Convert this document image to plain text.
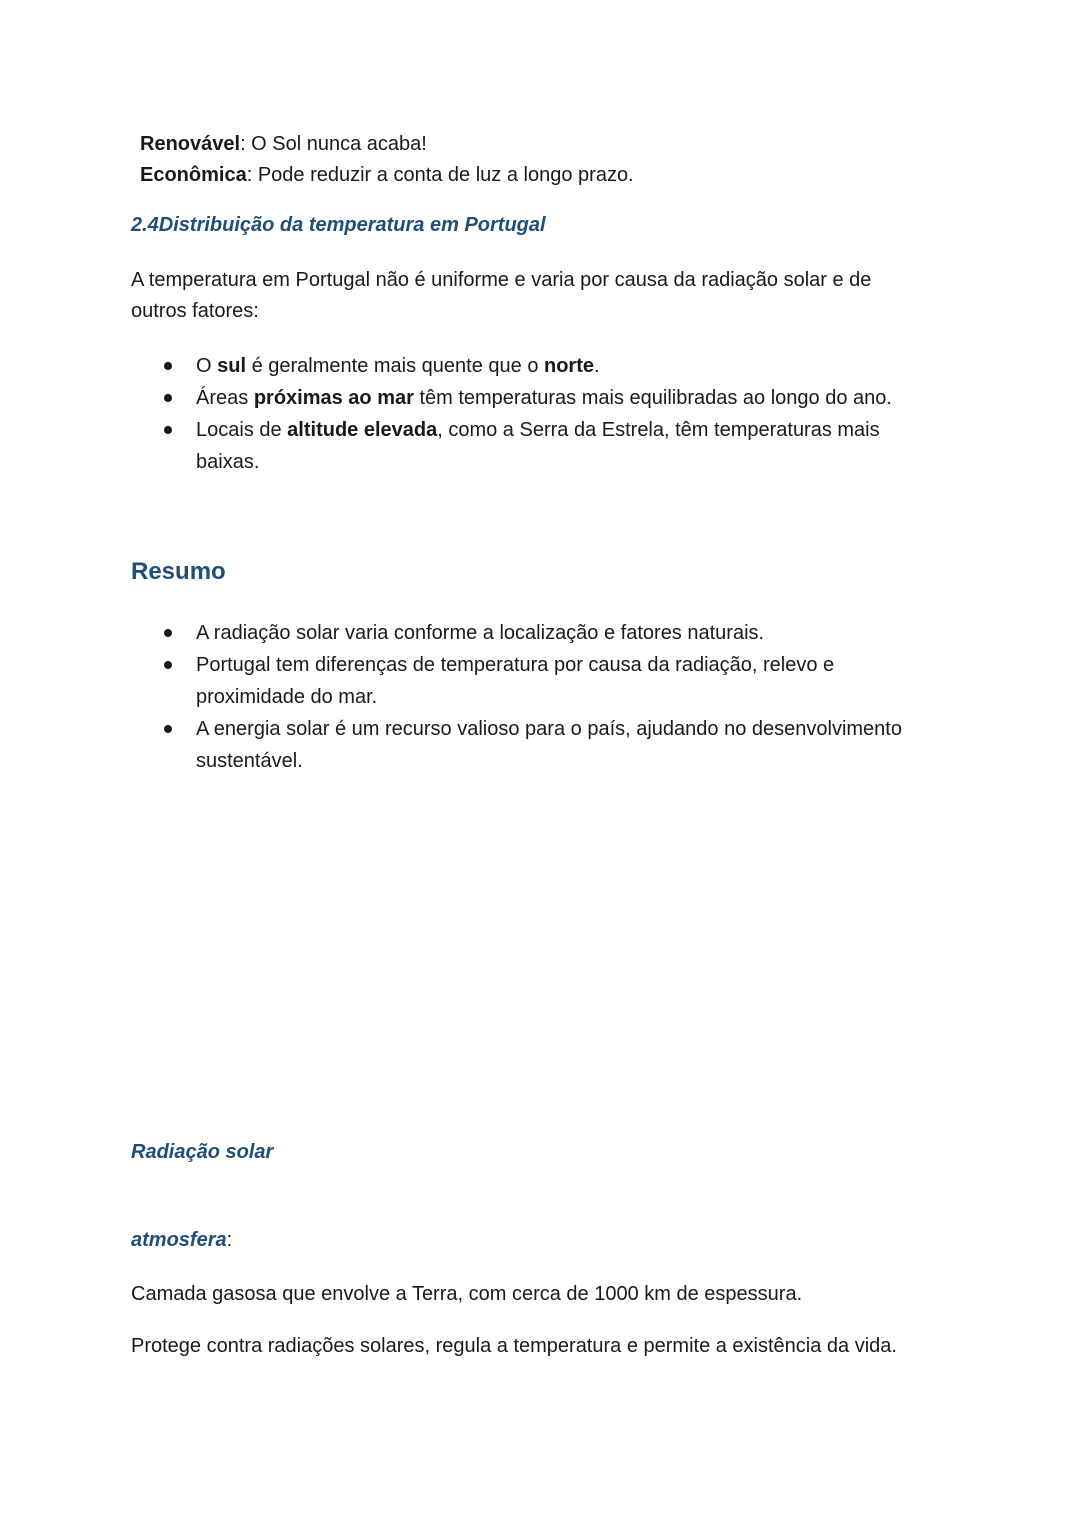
Renovável: O Sol nunca acaba!
Econômica: Pode reduzir a conta de luz a longo prazo.
2.4Distribuição da temperatura em Portugal
A temperatura em Portugal não é uniforme e varia por causa da radiação solar e de outros fatores:
O sul é geralmente mais quente que o norte.
Áreas próximas ao mar têm temperaturas mais equilibradas ao longo do ano.
Locais de altitude elevada, como a Serra da Estrela, têm temperaturas mais baixas.
Resumo
A radiação solar varia conforme a localização e fatores naturais.
Portugal tem diferenças de temperatura por causa da radiação, relevo e proximidade do mar.
A energia solar é um recurso valioso para o país, ajudando no desenvolvimento sustentável.
Radiação solar
atmosfera:
Camada gasosa que envolve a Terra, com cerca de 1000 km de espessura.
Protege contra radiações solares, regula a temperatura e permite a existência da vida.
